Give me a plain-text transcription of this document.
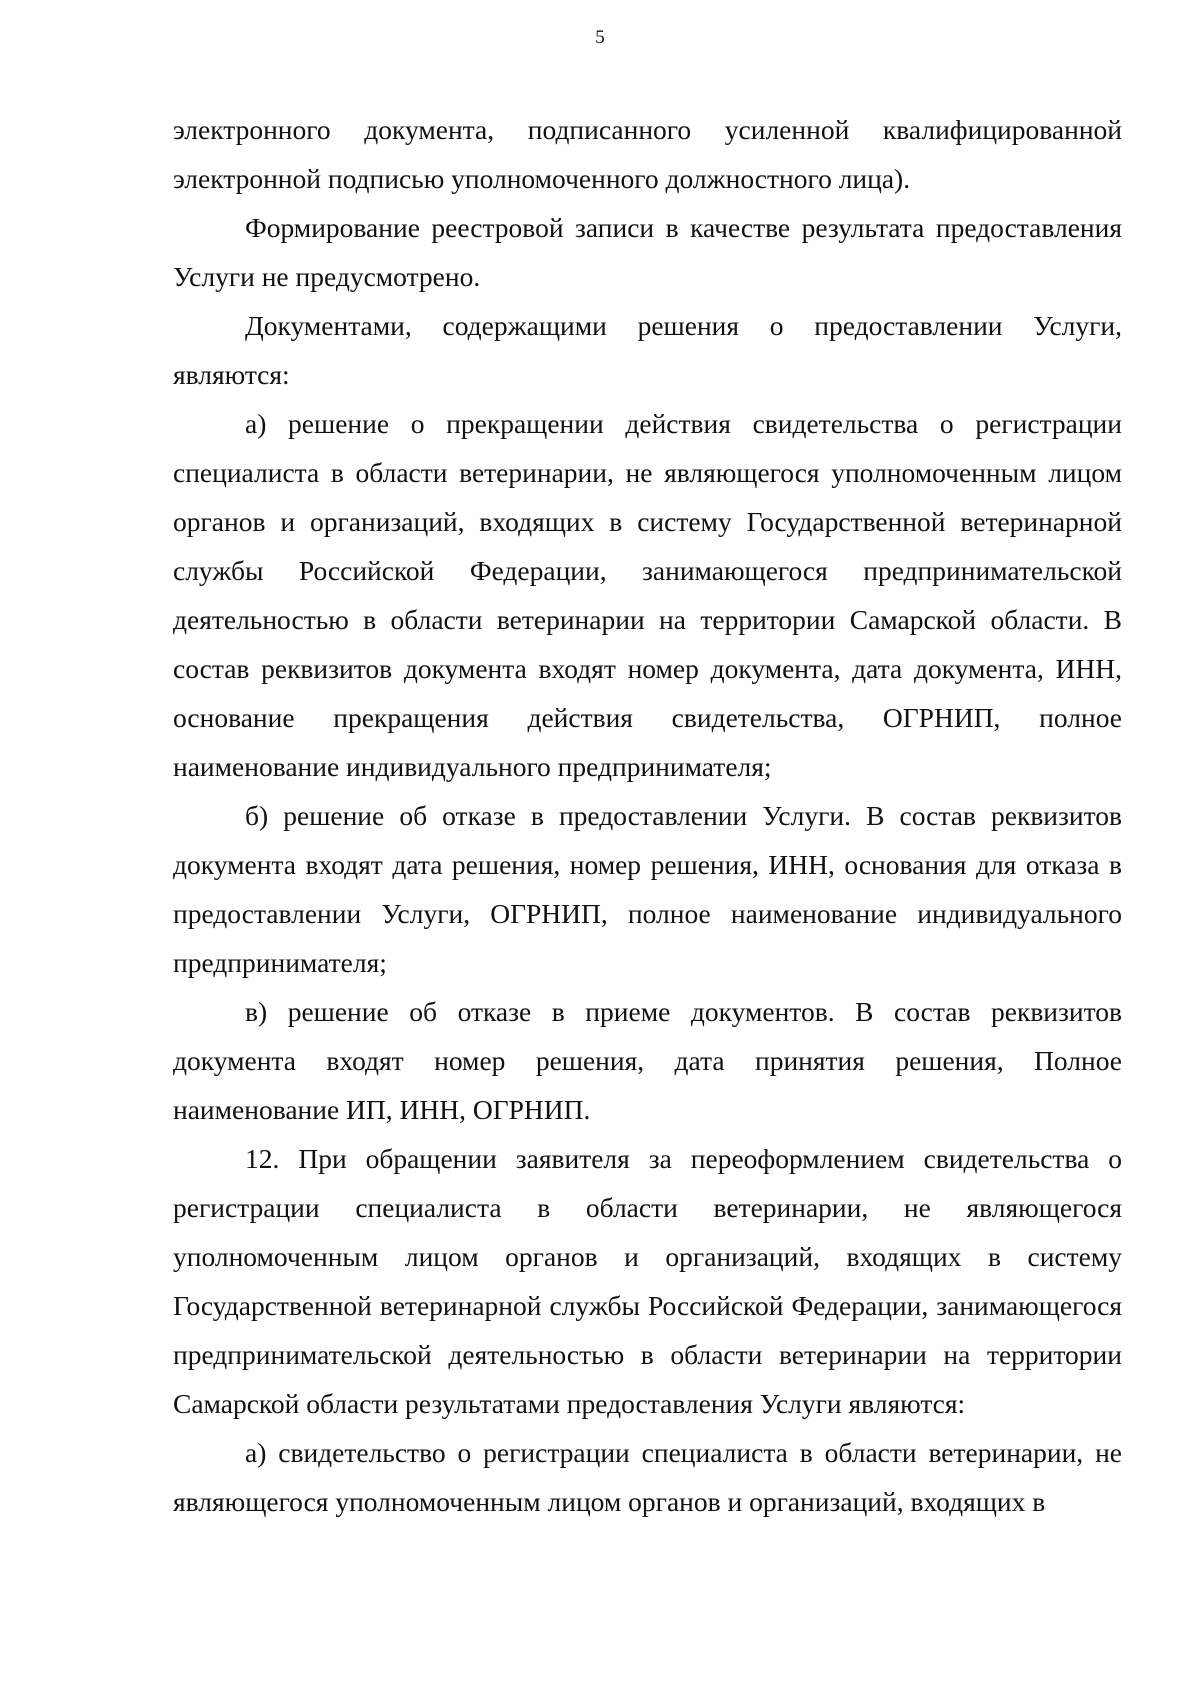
5

электронного документа, подписанного усиленной квалифицированной электронной подписью уполномоченного должностного лица).

Формирование реестровой записи в качестве результата предоставления Услуги не предусмотрено.

Документами, содержащими решения о предоставлении Услуги, являются:

а) решение о прекращении действия свидетельства о регистрации специалиста в области ветеринарии, не являющегося уполномоченным лицом органов и организаций, входящих в систему Государственной ветеринарной службы Российской Федерации, занимающегося предпринимательской деятельностью в области ветеринарии на территории Самарской области. В состав реквизитов документа входят номер документа, дата документа, ИНН, основание прекращения действия свидетельства, ОГРНИП, полное наименование индивидуального предпринимателя;

б) решение об отказе в предоставлении Услуги. В состав реквизитов документа входят дата решения, номер решения, ИНН, основания для отказа в предоставлении Услуги, ОГРНИП, полное наименование индивидуального предпринимателя;

в) решение об отказе в приеме документов. В состав реквизитов документа входят номер решения, дата принятия решения, Полное наименование ИП, ИНН, ОГРНИП.

12. При обращении заявителя за переоформлением свидетельства о регистрации специалиста в области ветеринарии, не являющегося уполномоченным лицом органов и организаций, входящих в систему Государственной ветеринарной службы Российской Федерации, занимающегося предпринимательской деятельностью в области ветеринарии на территории Самарской области результатами предоставления Услуги являются:

а) свидетельство о регистрации специалиста в области ветеринарии, не являющегося уполномоченным лицом органов и организаций, входящих в
